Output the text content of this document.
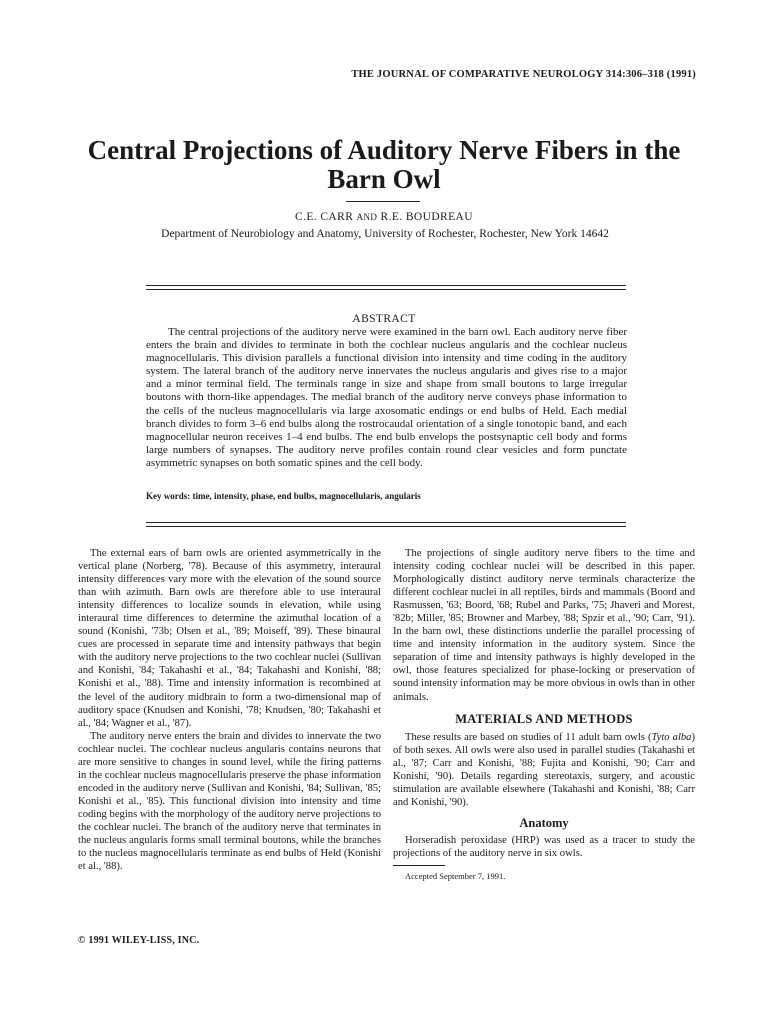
THE JOURNAL OF COMPARATIVE NEUROLOGY 314:306–318 (1991)
Central Projections of Auditory Nerve Fibers in the Barn Owl
C.E. CARR AND R.E. BOUDREAU
Department of Neurobiology and Anatomy, University of Rochester, Rochester, New York 14642
ABSTRACT
The central projections of the auditory nerve were examined in the barn owl. Each auditory nerve fiber enters the brain and divides to terminate in both the cochlear nucleus angularis and the cochlear nucleus magnocellularis. This division parallels a functional division into intensity and time coding in the auditory system. The lateral branch of the auditory nerve innervates the nucleus angularis and gives rise to a major and a minor terminal field. The terminals range in size and shape from small boutons to large irregular boutons with thorn-like appendages. The medial branch of the auditory nerve conveys phase information to the cells of the nucleus magnocellularis via large axosomatic endings or end bulbs of Held. Each medial branch divides to form 3–6 end bulbs along the rostrocaudal orientation of a single tonotopic band, and each magnocellular neuron receives 1–4 end bulbs. The end bulb envelops the postsynaptic cell body and forms large numbers of synapses. The auditory nerve profiles contain round clear vesicles and form punctate asymmetric synapses on both somatic spines and the cell body.
Key words: time, intensity, phase, end bulbs, magnocellularis, angularis

The external ears of barn owls are oriented asymmetrically in the vertical plane (Norberg, '78). Because of this asymmetry, interaural intensity differences vary more with the elevation of the sound source than with azimuth. Barn owls are therefore able to use interaural intensity differences to localize sounds in elevation, while using interaural time differences to determine the azimuthal location of a sound (Konishi, '73b; Olsen et al., '89; Moiseff, '89). These binaural cues are processed in separate time and intensity pathways that begin with the auditory nerve projections to the two cochlear nuclei (Sullivan and Konishi, '84; Takahashi et al., '84; Takahashi and Konishi, '88; Konishi et al., '88). Time and intensity information is recombined at the level of the auditory midbrain to form a two-dimensional map of auditory space (Knudsen and Konishi, '78; Knudsen, '80; Takahashi et al., '84; Wagner et al., '87).

The auditory nerve enters the brain and divides to innervate the two cochlear nuclei. The cochlear nucleus angularis contains neurons that are more sensitive to changes in sound level, while the firing patterns in the cochlear nucleus magnocellularis preserve the phase information encoded in the auditory nerve (Sullivan and Konishi, '84; Sullivan, '85; Konishi et al., '85). This functional division into intensity and time coding begins with the morphology of the auditory nerve projections to the cochlear nuclei. The branch of the auditory nerve that terminates in the nucleus angularis forms small terminal boutons, while the branches to the nucleus magnocellularis terminate as end bulbs of Held (Konishi et al., '88).

The projections of single auditory nerve fibers to the time and intensity coding cochlear nuclei will be described in this paper. Morphologically distinct auditory nerve terminals characterize the different cochlear nuclei in all reptiles, birds and mammals (Boord and Rasmussen, '63; Boord, '68; Rubel and Parks, '75; Jhaveri and Morest, '82b; Miller, '85; Browner and Marbey, '88; Spzir et al., '90; Carr, '91). In the barn owl, these distinctions underlie the parallel processing of time and intensity information in the auditory system. Since the separation of time and intensity pathways is highly developed in the owl, those features specialized for phase-locking or preservation of sound intensity information may be more obvious in owls than in other animals.

MATERIALS AND METHODS

These results are based on studies of 11 adult barn owls (Tyto alba) of both sexes. All owls were also used in parallel studies (Takahashi et al., '87; Carr and Konishi, '88; Fujita and Konishi, '90; Carr and Konishi, '90). Details regarding stereotaxis, surgery, and acoustic stimulation are available elsewhere (Takahashi and Konishi, '88; Carr and Konishi, '90).

Anatomy

Horseradish peroxidase (HRP) was used as a tracer to study the projections of the auditory nerve in six owls.

Accepted September 7, 1991.
© 1991 WILEY-LISS, INC.
